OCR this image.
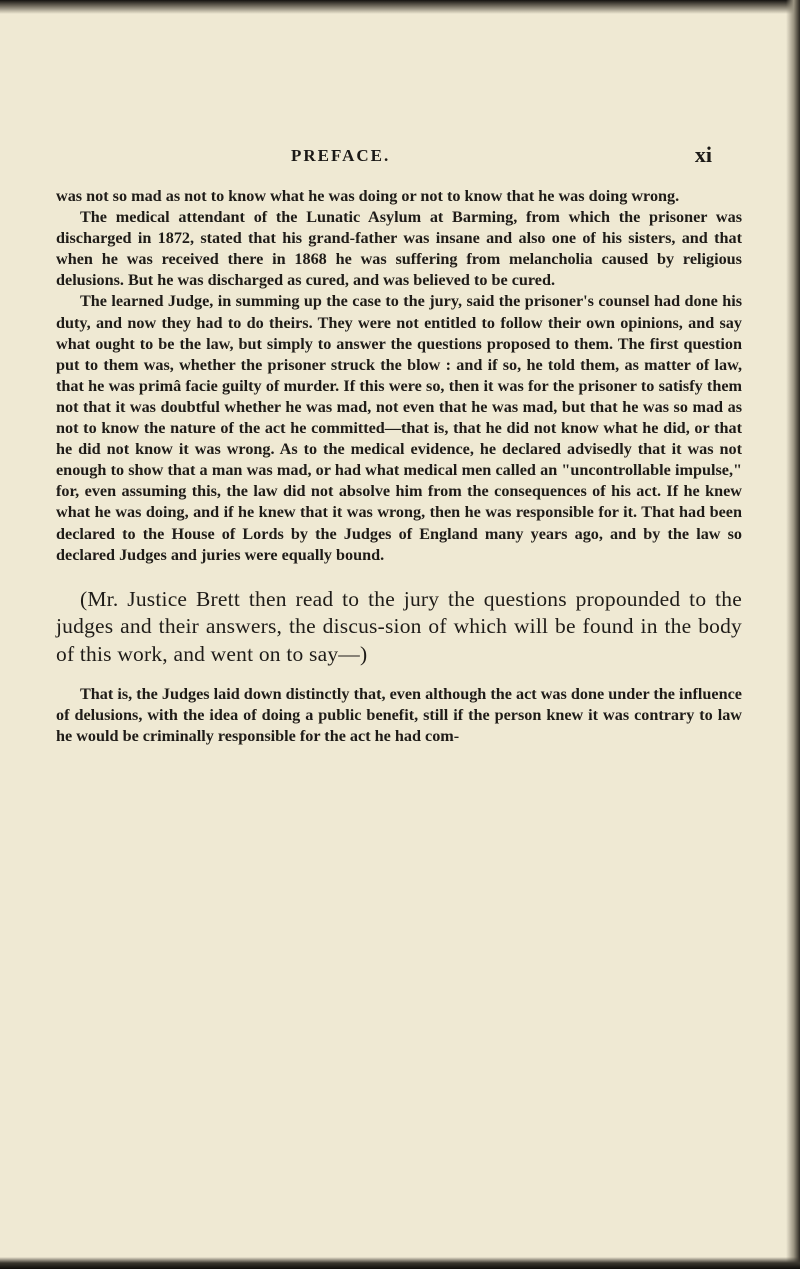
PREFACE.	xi

was not so mad as not to know what he was doing or not to know that he was doing wrong.

The medical attendant of the Lunatic Asylum at Barming, from which the prisoner was discharged in 1872, stated that his grand-father was insane and also one of his sisters, and that when he was received there in 1868 he was suffering from melancholia caused by religious delusions. But he was discharged as cured, and was believed to be cured.

The learned Judge, in summing up the case to the jury, said the prisoner's counsel had done his duty, and now they had to do theirs. They were not entitled to follow their own opinions, and say what ought to be the law, but simply to answer the questions proposed to them. The first question put to them was, whether the prisoner struck the blow : and if so, he told them, as matter of law, that he was primâ facie guilty of murder. If this were so, then it was for the prisoner to satisfy them not that it was doubtful whether he was mad, not even that he was mad, but that he was so mad as not to know the nature of the act he committed—that is, that he did not know what he did, or that he did not know it was wrong. As to the medical evidence, he declared advisedly that it was not enough to show that a man was mad, or had what medical men called an "uncontrollable impulse," for, even assuming this, the law did not absolve him from the consequences of his act. If he knew what he was doing, and if he knew that it was wrong, then he was responsible for it. That had been declared to the House of Lords by the Judges of England many years ago, and by the law so declared Judges and juries were equally bound.

(Mr. Justice Brett then read to the jury the questions propounded to the judges and their answers, the discus-sion of which will be found in the body of this work, and went on to say—)

That is, the Judges laid down distinctly that, even although the act was done under the influence of delusions, with the idea of doing a public benefit, still if the person knew it was contrary to law he would be criminally responsible for the act he had com-
